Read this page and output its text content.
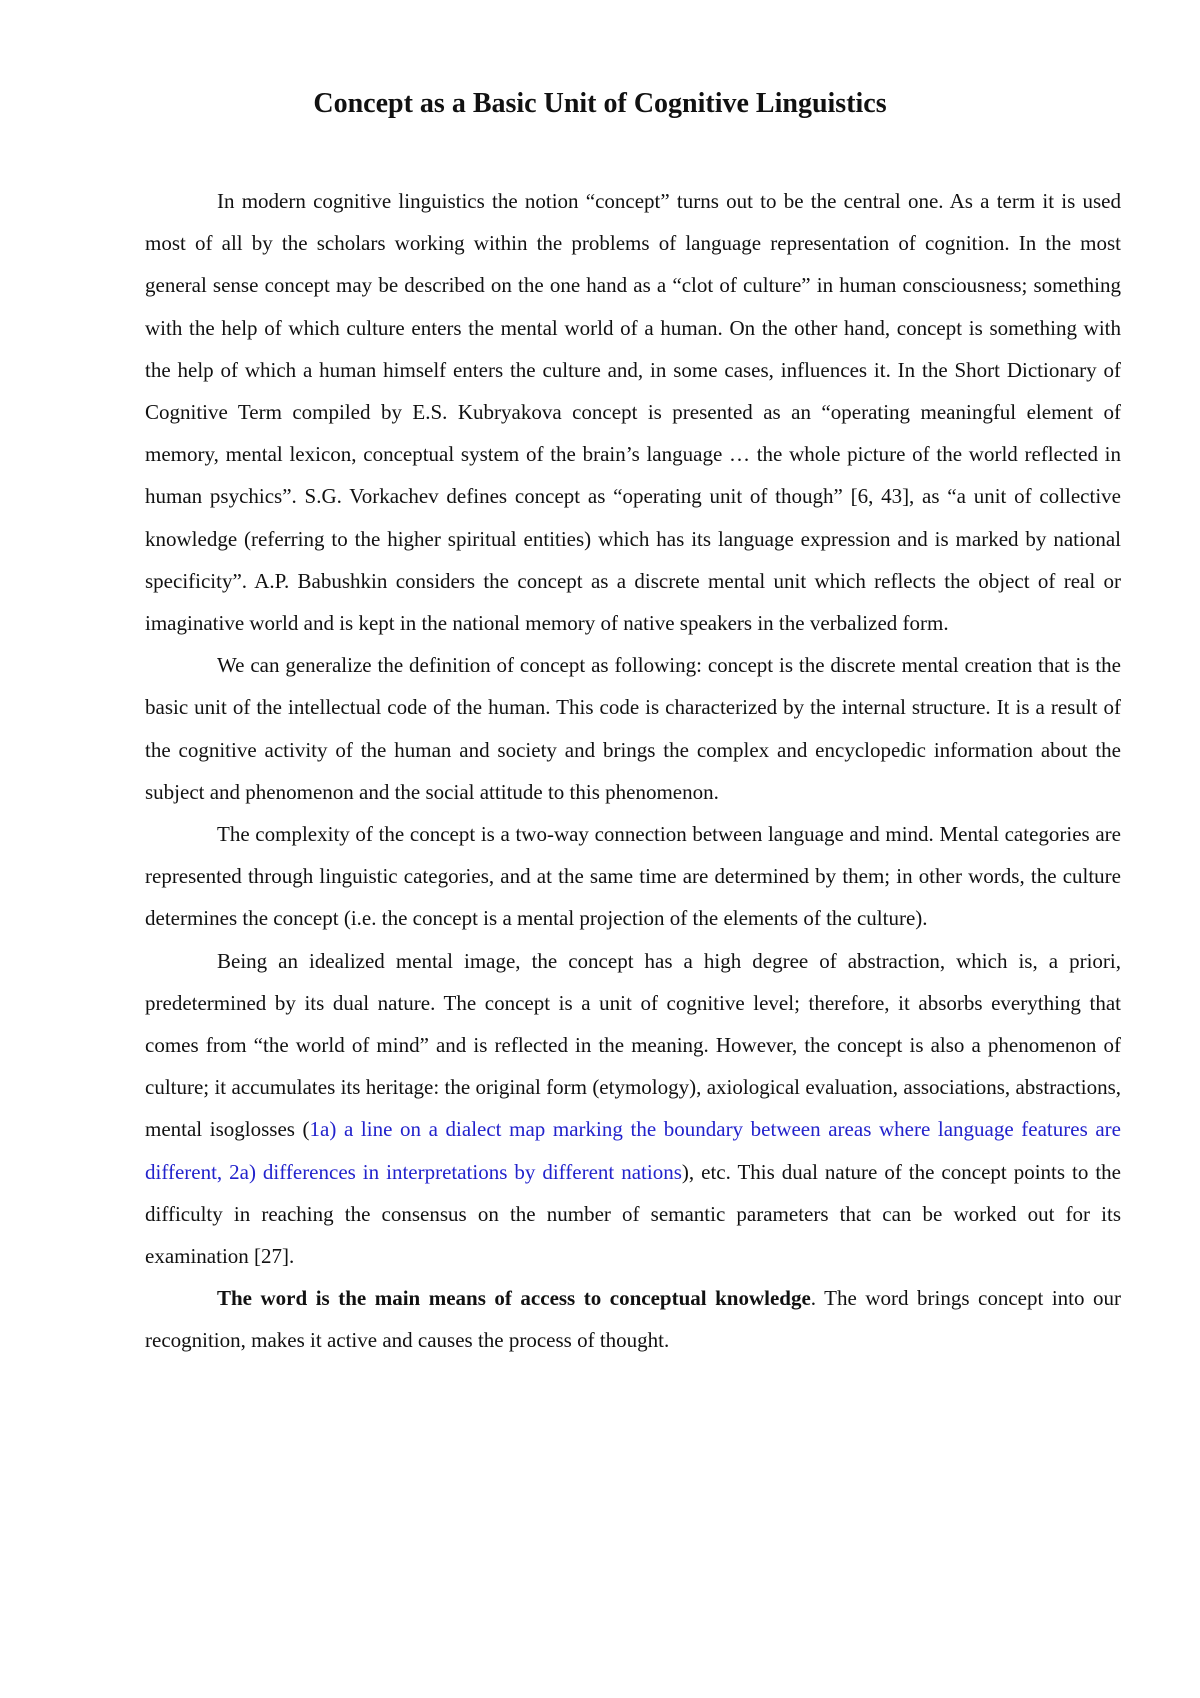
Concept as a Basic Unit of Cognitive Linguistics

In modern cognitive linguistics the notion “concept” turns out to be the central one. As a term it is used most of all by the scholars working within the problems of language representation of cognition. In the most general sense concept may be described on the one hand as a “clot of culture” in human consciousness; something with the help of which culture enters the mental world of a human. On the other hand, concept is something with the help of which a human himself enters the culture and, in some cases, influences it. In the Short Dictionary of Cognitive Term compiled by E.S. Kubryakova concept is presented as an “operating meaningful element of memory, mental lexicon, conceptual system of the brain’s language … the whole picture of the world reflected in human psychics”. S.G. Vorkachev defines concept as “operating unit of though” [6, 43], as “a unit of collective knowledge (referring to the higher spiritual entities) which has its language expression and is marked by national specificity”. A.P. Babushkin considers the concept as a discrete mental unit which reflects the object of real or imaginative world and is kept in the national memory of native speakers in the verbalized form.

We can generalize the definition of concept as following: concept is the discrete mental creation that is the basic unit of the intellectual code of the human. This code is characterized by the internal structure. It is a result of the cognitive activity of the human and society and brings the complex and encyclopedic information about the subject and phenomenon and the social attitude to this phenomenon.

The complexity of the concept is a two-way connection between language and mind. Mental categories are represented through linguistic categories, and at the same time are determined by them; in other words, the culture determines the concept (i.e. the concept is a mental projection of the elements of the culture).

Being an idealized mental image, the concept has a high degree of abstraction, which is, a priori, predetermined by its dual nature. The concept is a unit of cognitive level; therefore, it absorbs everything that comes from “the world of mind” and is reflected in the meaning. However, the concept is also a phenomenon of culture; it accumulates its heritage: the original form (etymology), axiological evaluation, associations, abstractions, mental isoglosses (1a) a line on a dialect map marking the boundary between areas where language features are different, 2a) differences in interpretations by different nations), etc. This dual nature of the concept points to the difficulty in reaching the consensus on the number of semantic parameters that can be worked out for its examination [27].

The word is the main means of access to conceptual knowledge. The word brings concept into our recognition, makes it active and causes the process of thought.
